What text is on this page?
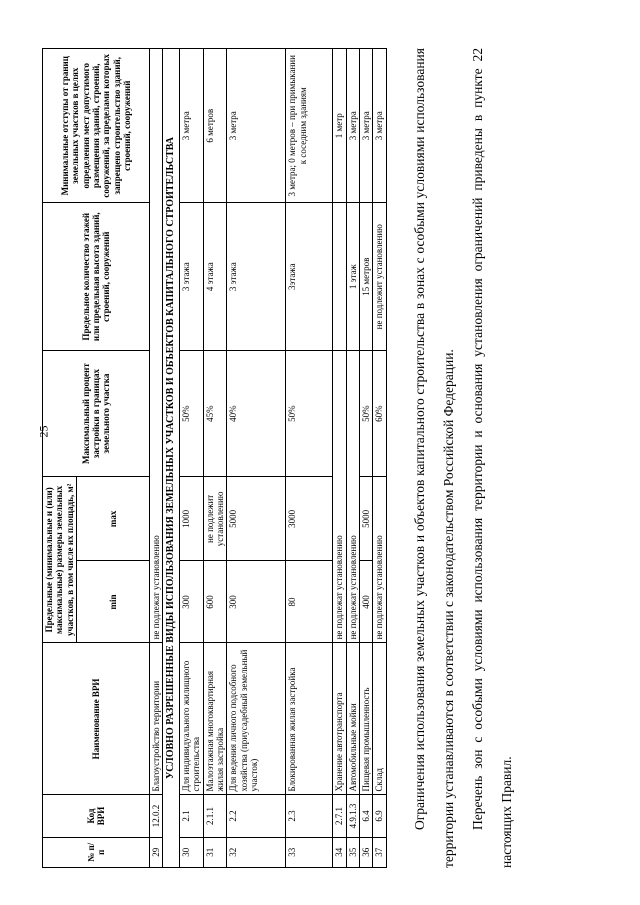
25
№ п/п	Код ВРИ	Наименование ВРИ	Предельные (минимальные и (или) максимальные) размеры земельных участков, в том числе их площадь, м²		Максимальный процент застройки в границах земельного участка	Предельное количество этажей или предельная высота зданий, строений, сооружений	Минимальные отступы от границ земельных участков в целях определения мест допустимого размещения зданий, строений, сооружений, за пределами которых запрещено строительство зданий, строений, сооружений
			min	max			
29	12.0.2	Благоустройство территории	не подлежат установлению				
УСЛОВНО РАЗРЕШЕННЫЕ ВИДЫ ИСПОЛЬЗОВАНИЯ ЗЕМЕЛЬНЫХ УЧАСТКОВ И ОБЪЕКТОВ КАПИТАЛЬНОГО СТРОИТЕЛЬСТВА							
30	2.1	Для индивидуального жилищного строительства	300	1000	50%	3 этажа	3 метра
31	2.1.1	Малоэтажная многоквартирная жилая застройка	600	не подлежит установлению	45%	4 этажа	6 метров
32	2.2	Для ведения личного подсобного хозяйства (приусадебный земельный участок)	300	5000	40%	3 этажа	3 метра
33	2.3	Блокированная жилая застройка	80	3000	50%	3этажа	3 метра; 0 метров – при примыкании к соседним зданиям
34	2.7.1	Хранение автотранспорта	не подлежат установлению				1 метр
35	4.9.1.3	Автомобильные мойки	не подлежат установлению			1 этаж	3 метра
36	6.4	Пищевая промышленность	400	5000	50%	15 метров	3 метра
37	6.9	Склад	не подлежат установлению		60%	не подлежит установлению	3 метра	Ограничения использования земельных участков и объектов капитального строительства в зонах с особыми условиями использования территории устанавливаются в соответствии с законодательством Российской Федерации.	Перечень зон с особыми условиями использования территории и основания установления ограничений приведены в пункте 22 настоящих Правил.
